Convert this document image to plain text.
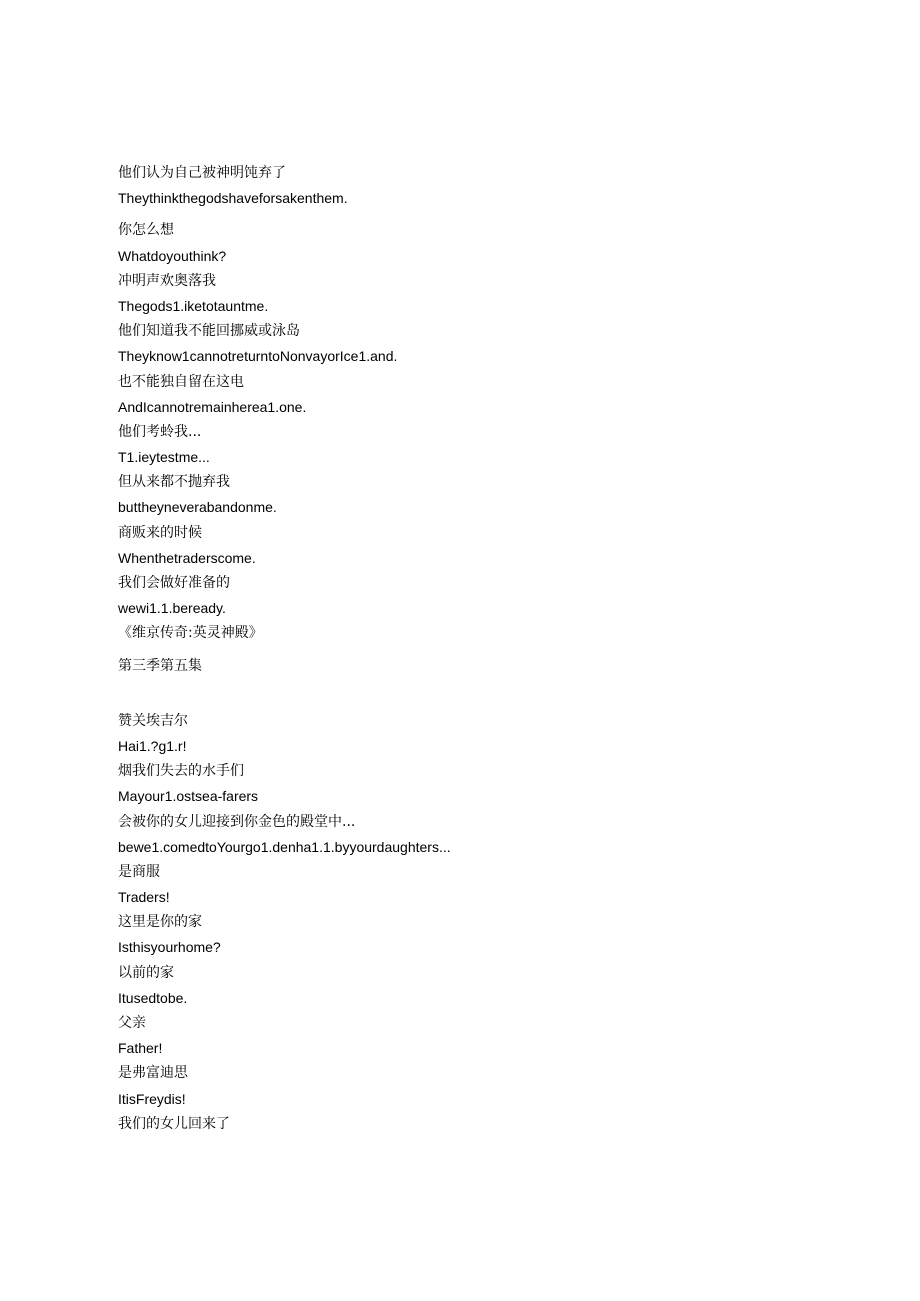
他们认为自己被神明饨弃了
Theythinkthegodshaveforsakenthem.
你怎么想
Whatdoyouthink?
冲明声欢奥落我
Thegods1.iketotauntme.
他们知道我不能回挪威或泳岛
Theyknow1cannotreturntoNonvayorIce1.and.
也不能独自留在这电
AndIcannotremainherea1.one.
他们考蛉我...
T1.ieytestme...
但从来都不抛弃我
buttheyneverabandonme.
商贩来的时候
Whenthetraderscome.
我们会做好准备的
wewi1.1.beready.
《维京传奇:英灵神殿》
第三季第五集
赞关埃吉尔
Hai1.?g1.r!
烟我们失去的水手们
Mayour1.ostsea-farers
会被你的女儿迎接到你金色的殿堂中...
bewe1.comedtoYourgo1.denha1.1.byyourdaughters...
是商服
Traders!
这里是你的家
Isthisyourhome?
以前的家
Itusedtobe.
父亲
Father!
是弗富迪思
ItisFreydis!
我们的女儿回来了
